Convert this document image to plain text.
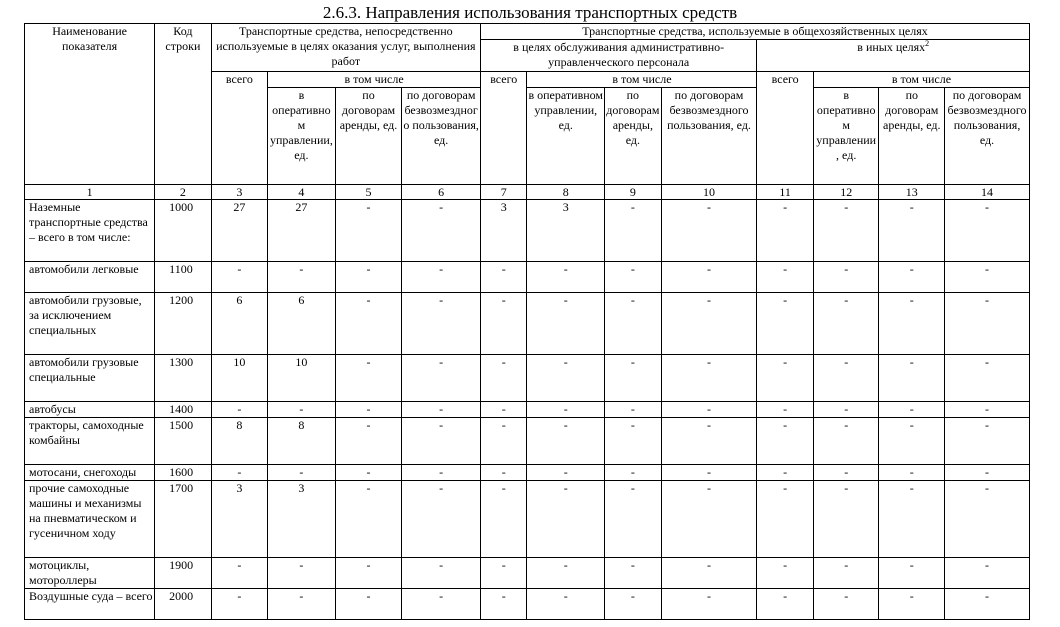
2.6.3. Направления использования транспортных средств
Наименование показателя	Код строки	Транспортные средства, непосредственно используемые в целях оказания услуг, выполнения работ				Транспортные средства, используемые в общехозяйственных целях							
						в целях обслуживания административно-управленческого персонала				в иных целях$^2$

		всего	в том числе			всего	в том числе			всего	в том числе		
			в оперативном управлении, ед.	по договорам аренды, ед.	по договорам безвозмездного пользования, ед.		в оперативном управлении, ед.	по договорам аренды, ед.	по договорам безвозмездного пользования, ед.		в оперативном управлении, ед.	по договорам аренды, ед.	по договорам безвозмездного пользования, ед.
1	2	3	4	5	6	7	8	9	10	11	12	13	14
Наземные транспортные средства – всего в том числе:	1000	27	27	-	-	3	3	-	-	-	-	-	-
автомобили легковые	1100	-	-	-	-	-	-	-	-	-	-	-	-
автомобили грузовые, за исключением специальных	1200	6	6	-	-	-	-	-	-	-	-	-	-
автомобили грузовые специальные	1300	10	10	-	-	-	-	-	-	-	-	-	-
автобусы	1400	-	-	-	-	-	-	-	-	-	-	-	-
тракторы, самоходные комбайны	1500	8	8	-	-	-	-	-	-	-	-	-	-
мотосани, снегоходы	1600	-	-	-	-	-	-	-	-	-	-	-	-
прочие самоходные машины и механизмы на пневматическом и гусеничном ходу	1700	3	3	-	-	-	-	-	-	-	-	-	-
мотоциклы, мотороллеры	1900	-	-	-	-	-	-	-	-	-	-	-	-
Воздушные суда – всего	2000	-	-	-	-	-	-	-	-	-	-	-	-
